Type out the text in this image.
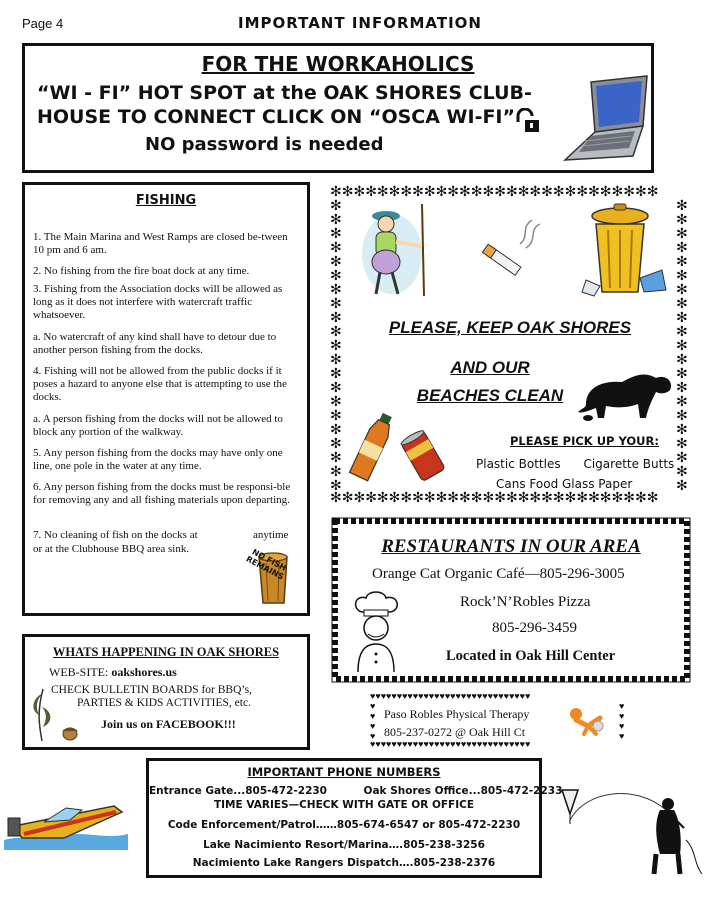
Page 4	IMPORTANT INFORMATION
FOR THE WORKAHOLICS
“WI - FI” HOT SPOT at the OAK SHORES CLUB-
HOUSE TO CONNECT CLICK ON “OSCA WI-FI”
NO password is needed
FISHING
1. The Main Marina and West Ramps are closed be-tween 10 pm and 6 am.
2. No fishing from the fire boat dock at any time.
3. Fishing from the Association docks will be allowed as long as it does not interfere with watercraft traffic whatsoever.
a. No watercraft of any kind shall have to detour due to another person fishing from the docks.
4. Fishing will not be allowed from the public docks if it poses a hazard to anyone else that is attempting to use the docks.
a. A person fishing from the docks will not be allowed to block any portion of the walkway.
5. Any person fishing from the docks may have only one line, one pole in the water at any time.
6. Any person fishing from the docks must be responsi-ble for removing any and all fishing materials upon departing.
7. No cleaning of fish on the docks at	anytime
or at the Clubhouse BBQ area sink.	NO FISH REMAINS
WHATS HAPPENING IN OAK SHORES
WEB-SITE: oakshores.us
CHECK BULLETIN BOARDS for BBQ’s,
PARTIES & KIDS ACTIVITIES, etc.
Join us on FACEBOOK!!!
✻✻✻✻✻✻✻✻✻✻✻✻✻✻✻✻✻✻✻✻✻✻✻✻✻✻✻✻
✻✻✻✻✻✻✻✻✻✻✻✻✻✻✻✻✻✻✻✻✻✻✻✻✻✻✻✻
✻✻✻✻✻✻✻✻✻✻✻✻✻✻✻✻✻✻✻✻✻
✻✻✻✻✻✻✻✻✻✻✻✻✻✻✻✻✻✻✻✻✻
PLEASE, KEEP OAK SHORES
AND OUR
BEACHES CLEAN
PLEASE PICK UP YOUR:
Plastic Bottles      Cigarette Butts
Cans Food Glass Paper
RESTAURANTS IN OUR AREA
Orange Cat Organic Café—805-296-3005
Rock’N’Robles Pizza
805-296-3459
Located in Oak Hill Center
♥♥♥♥♥♥♥♥♥♥♥♥♥♥♥♥♥♥♥♥♥♥♥♥♥♥♥♥♥♥
♥♥♥♥♥♥♥♥♥♥♥♥♥♥♥♥♥♥♥♥♥♥♥♥♥♥♥♥♥♥
♥♥♥♥
♥♥♥♥
Paso Robles Physical Therapy
805-237-0272 @ Oak Hill Ct
IMPORTANT PHONE NUMBERS
Entrance Gate...805-472-2230          Oak Shores Office...805-472-2233
TIME VARIES—CHECK WITH GATE OR OFFICE
Code Enforcement/Patrol……805-674-6547 or 805-472-2230
Lake Nacimiento Resort/Marina….805-238-3256
Nacimiento Lake Rangers Dispatch….805-238-2376
